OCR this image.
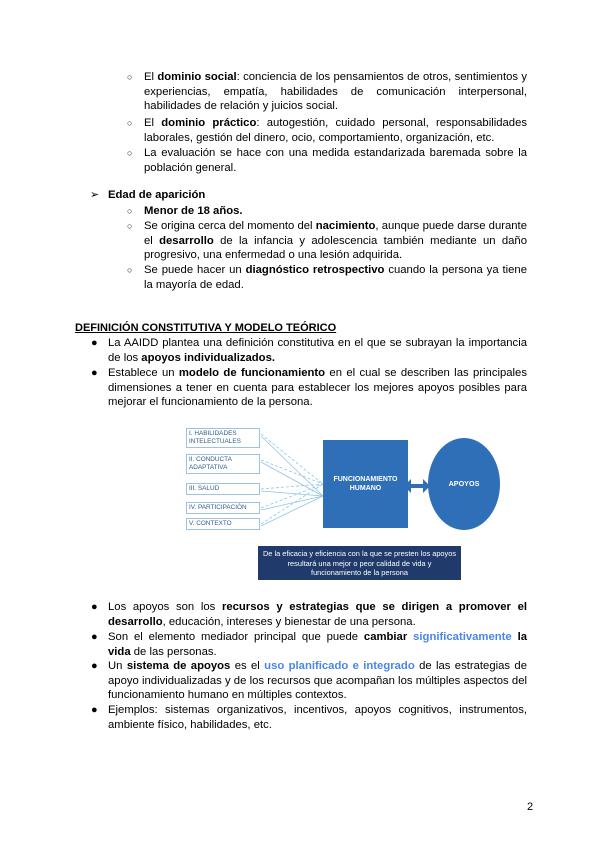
○ El dominio social: conciencia de los pensamientos de otros, sentimientos y experiencias, empatía, habilidades de comunicación interpersonal, habilidades de relación y juicios social.
○ El dominio práctico: autogestión, cuidado personal, responsabilidades laborales, gestión del dinero, ocio, comportamiento, organización, etc.
○ La evaluación se hace con una medida estandarizada baremada sobre la población general.
➢ Edad de aparición
○ Menor de 18 años.
○ Se origina cerca del momento del nacimiento, aunque puede darse durante el desarrollo de la infancia y adolescencia también mediante un daño progresivo, una enfermedad o una lesión adquirida.
○ Se puede hacer un diagnóstico retrospectivo cuando la persona ya tiene la mayoría de edad.
DEFINICIÓN CONSTITUTIVA Y MODELO TEÓRICO
● La AAIDD plantea una definición constitutiva en el que se subrayan la importancia de los apoyos individualizados.
● Establece un modelo de funcionamiento en el cual se describen las principales dimensiones a tener en cuenta para establecer los mejores apoyos posibles para mejorar el funcionamiento de la persona.
I. HABILIDADES INTELECTUALES
II. CONDUCTA ADAPTATIVA
III. SALUD
IV. PARTICIPACIÓN
V. CONTEXTO
FUNCIONAMIENTO HUMANO
APOYOS
De la eficacia y eficiencia con la que se presten los apoyos resultará una mejor o peor calidad de vida y funcionamiento de la persona
● Los apoyos son los recursos y estrategias que se dirigen a promover el desarrollo, educación, intereses y bienestar de una persona.
● Son el elemento mediador principal que puede cambiar significativamente la vida de las personas.
● Un sistema de apoyos es el uso planificado e integrado de las estrategias de apoyo individualizadas y de los recursos que acompañan los múltiples aspectos del funcionamiento humano en múltiples contextos.
● Ejemplos: sistemas organizativos, incentivos, apoyos cognitivos, instrumentos, ambiente físico, habilidades, etc.
2
